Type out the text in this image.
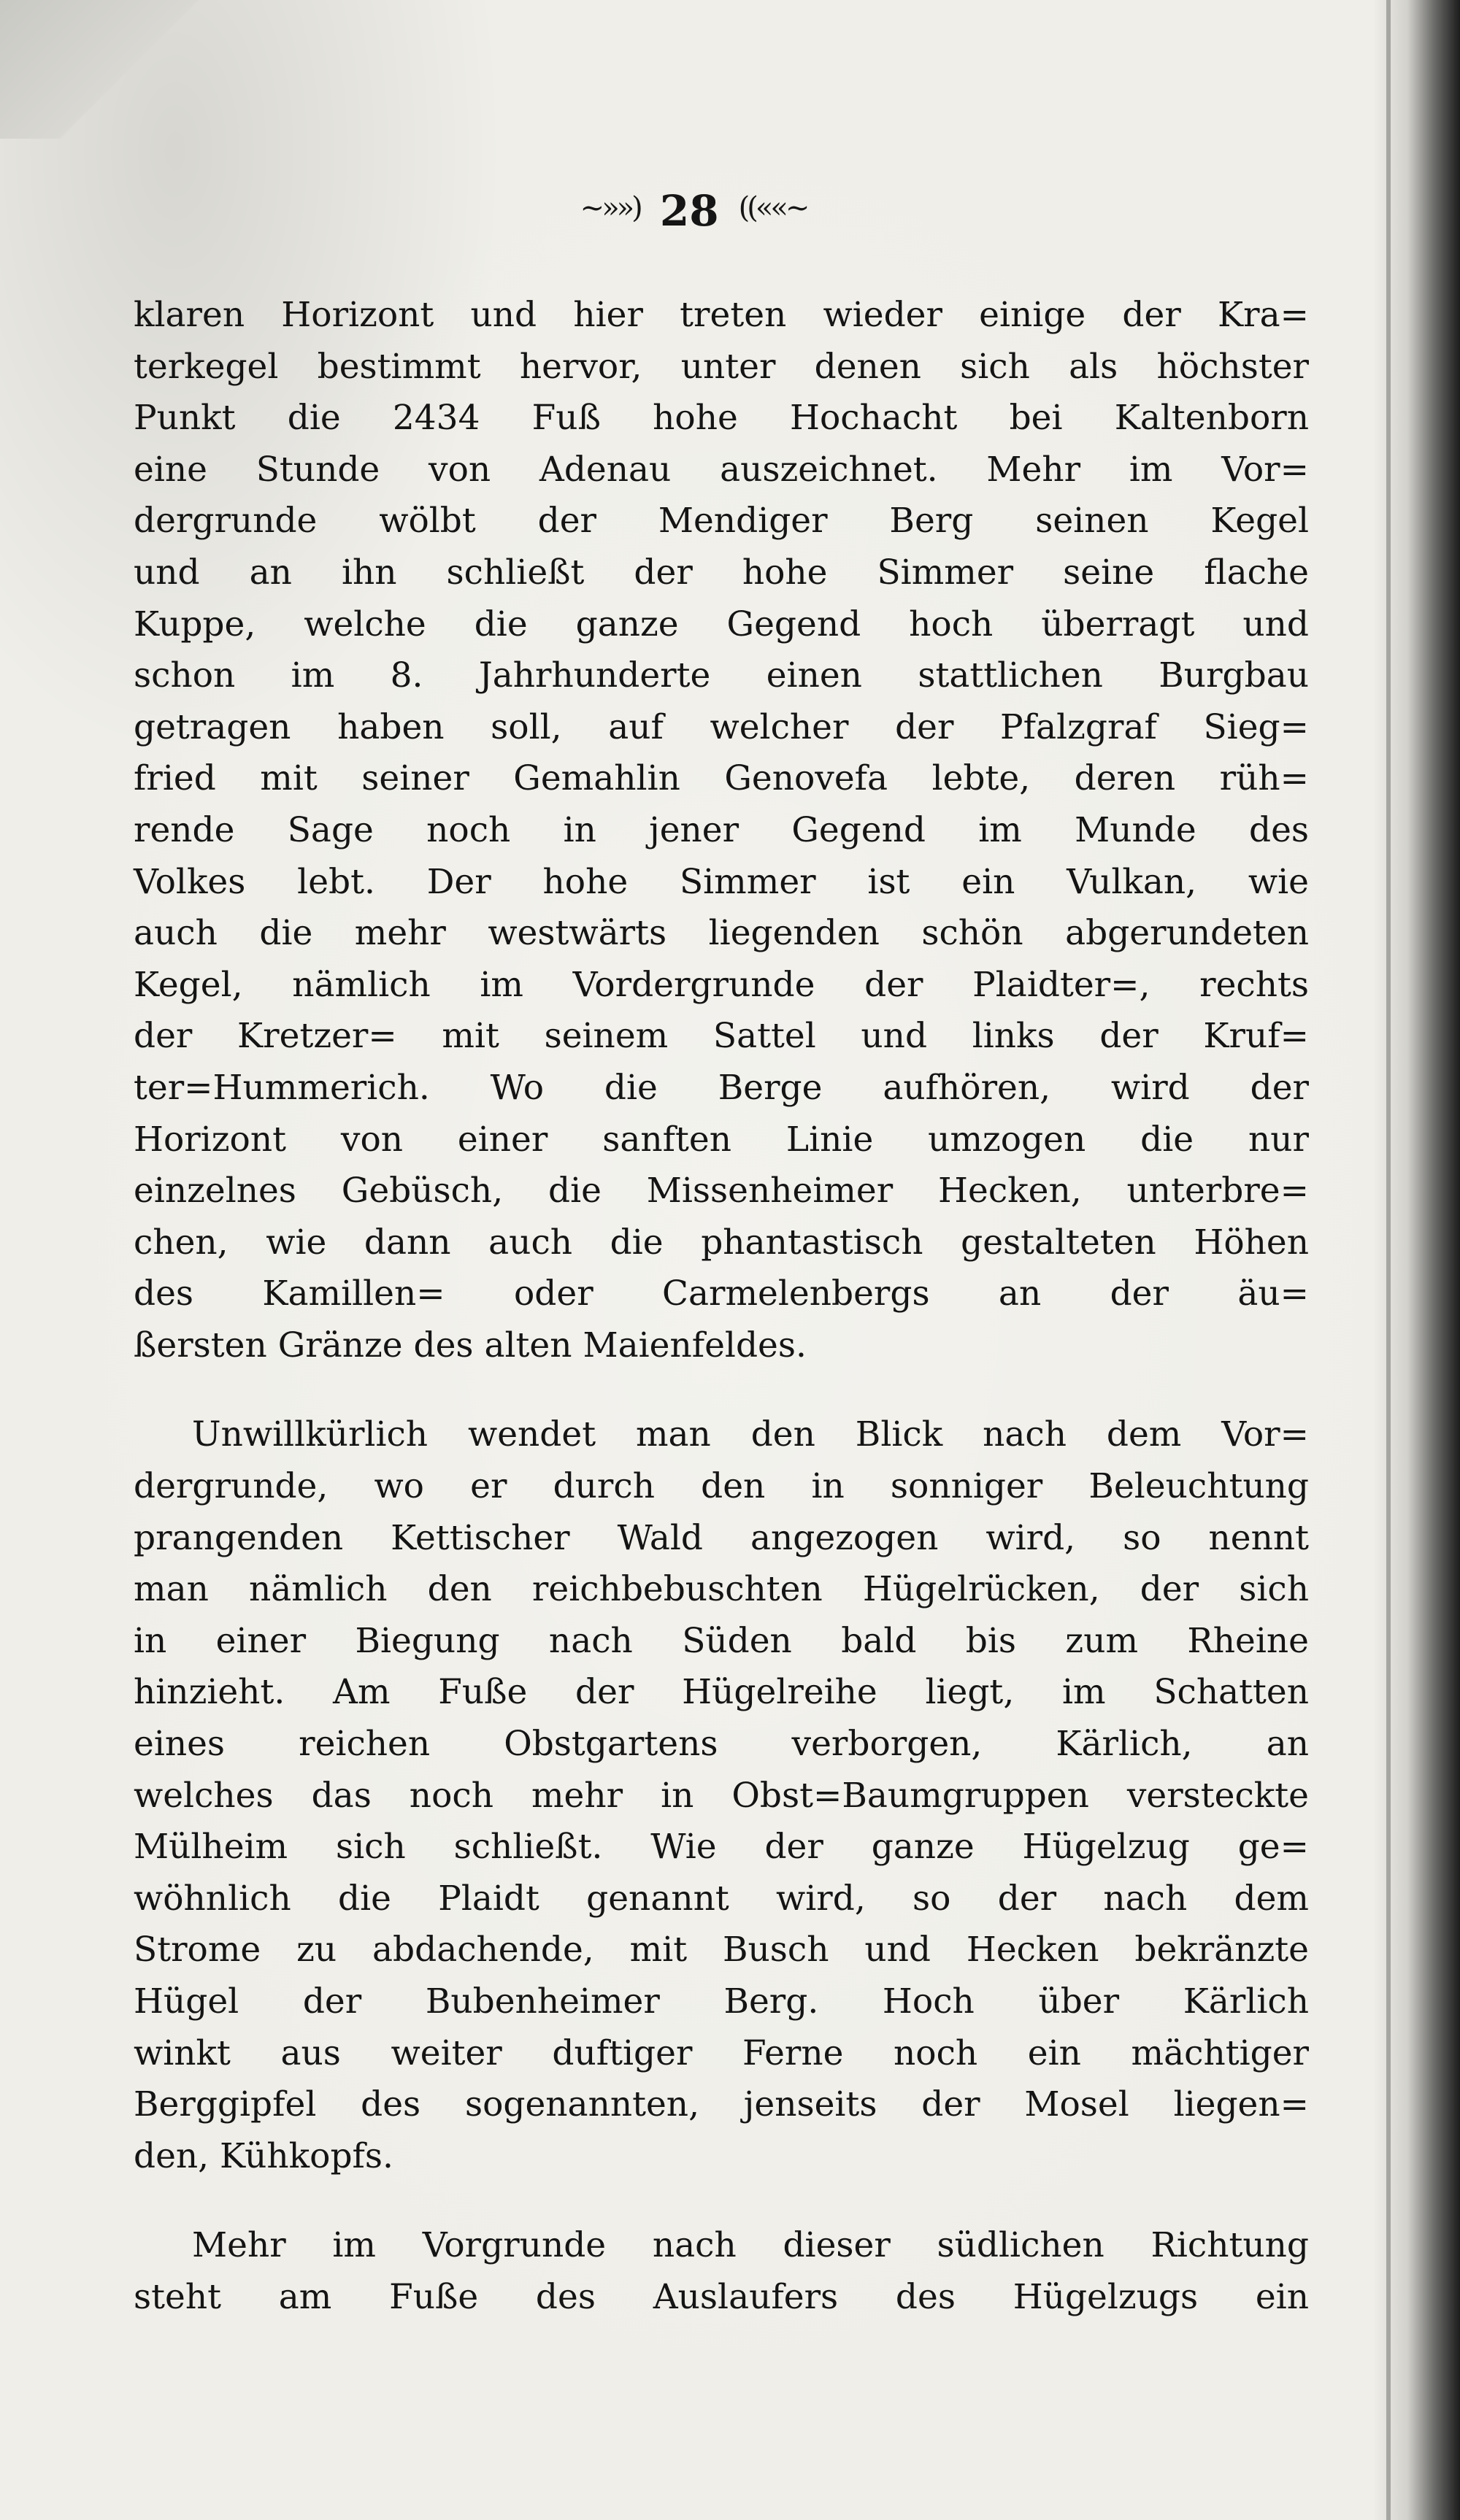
~»») 28 ((««~
klaren Horizont und hier treten wieder einige der Kra=
terkegel bestimmt hervor, unter denen sich als höchster
Punkt die 2434 Fuß hohe Hochacht bei Kaltenborn
eine Stunde von Adenau auszeichnet. Mehr im Vor=
dergrunde wölbt der Mendiger Berg seinen Kegel
und an ihn schließt der hohe Simmer seine flache
Kuppe, welche die ganze Gegend hoch überragt und
schon im 8. Jahrhunderte einen stattlichen Burgbau
getragen haben soll, auf welcher der Pfalzgraf Sieg=
fried mit seiner Gemahlin Genovefa lebte, deren rüh=
rende Sage noch in jener Gegend im Munde des
Volkes lebt. Der hohe Simmer ist ein Vulkan, wie
auch die mehr westwärts liegenden schön abgerundeten
Kegel, nämlich im Vordergrunde der Plaidter=, rechts
der Kretzer= mit seinem Sattel und links der Kruf=
ter=Hummerich. Wo die Berge aufhören, wird der
Horizont von einer sanften Linie umzogen die nur
einzelnes Gebüsch, die Missenheimer Hecken, unterbre=
chen, wie dann auch die phantastisch gestalteten Höhen
des Kamillen= oder Carmelenbergs an der äu=
ßersten Gränze des alten Maienfeldes.
Unwillkürlich wendet man den Blick nach dem Vor=
dergrunde, wo er durch den in sonniger Beleuchtung
prangenden Kettischer Wald angezogen wird, so nennt
man nämlich den reichbebuschten Hügelrücken, der sich
in einer Biegung nach Süden bald bis zum Rheine
hinzieht. Am Fuße der Hügelreihe liegt, im Schatten
eines reichen Obstgartens verborgen, Kärlich, an
welches das noch mehr in Obst=Baumgruppen versteckte
Mülheim sich schließt. Wie der ganze Hügelzug ge=
wöhnlich die Plaidt genannt wird, so der nach dem
Strome zu abdachende, mit Busch und Hecken bekränzte
Hügel der Bubenheimer Berg. Hoch über Kärlich
winkt aus weiter duftiger Ferne noch ein mächtiger
Berggipfel des sogenannten, jenseits der Mosel liegen=
den, Kühkopfs.
Mehr im Vorgrunde nach dieser südlichen Richtung
steht am Fuße des Auslaufers des Hügelzugs ein
